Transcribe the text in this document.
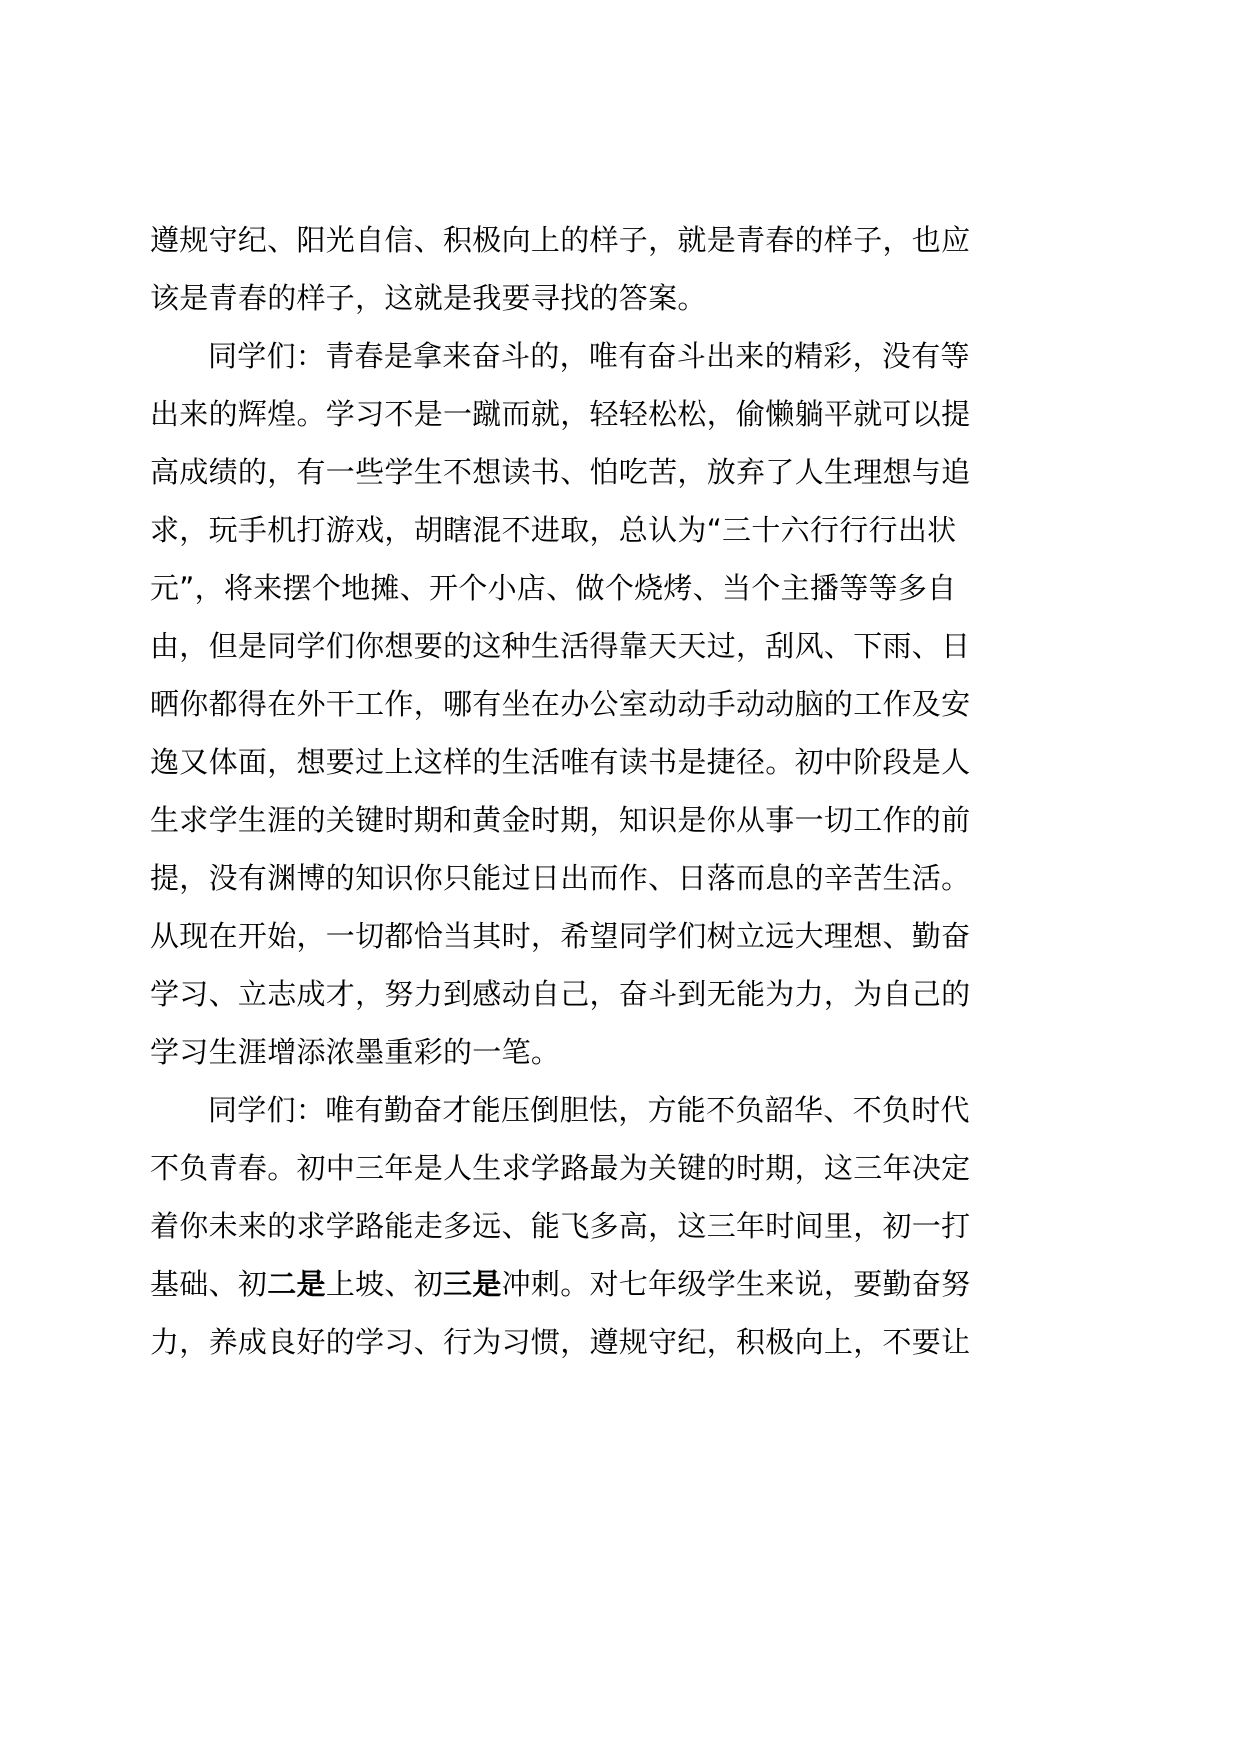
遵规守纪、阳光自信、积极向上的样子，就是青春的样子，也应
该是青春的样子，这就是我要寻找的答案。
同学们：青春是拿来奋斗的，唯有奋斗出来的精彩，没有等
出来的辉煌。学习不是一蹴而就，轻轻松松，偷懒躺平就可以提
高成绩的，有一些学生不想读书、怕吃苦，放弃了人生理想与追
求，玩手机打游戏，胡瞎混不进取，总认为“三十六行行行出状
元”，将来摆个地摊、开个小店、做个烧烤、当个主播等等多自
由，但是同学们你想要的这种生活得靠天天过，刮风、下雨、日
晒你都得在外干工作，哪有坐在办公室动动手动动脑的工作及安
逸又体面，想要过上这样的生活唯有读书是捷径。初中阶段是人
生求学生涯的关键时期和黄金时期，知识是你从事一切工作的前
提，没有渊博的知识你只能过日出而作、日落而息的辛苦生活。
从现在开始，一切都恰当其时，希望同学们树立远大理想、勤奋
学习、立志成才，努力到感动自己，奋斗到无能为力，为自己的
学习生涯增添浓墨重彩的一笔。
同学们：唯有勤奋才能压倒胆怯，方能不负韶华、不负时代
不负青春。初中三年是人生求学路最为关键的时期，这三年决定
着你未来的求学路能走多远、能飞多高，这三年时间里，初一打
基础、初二是上坡、初三是冲刺。对七年级学生来说，要勤奋努
力，养成良好的学习、行为习惯，遵规守纪，积极向上，不要让
